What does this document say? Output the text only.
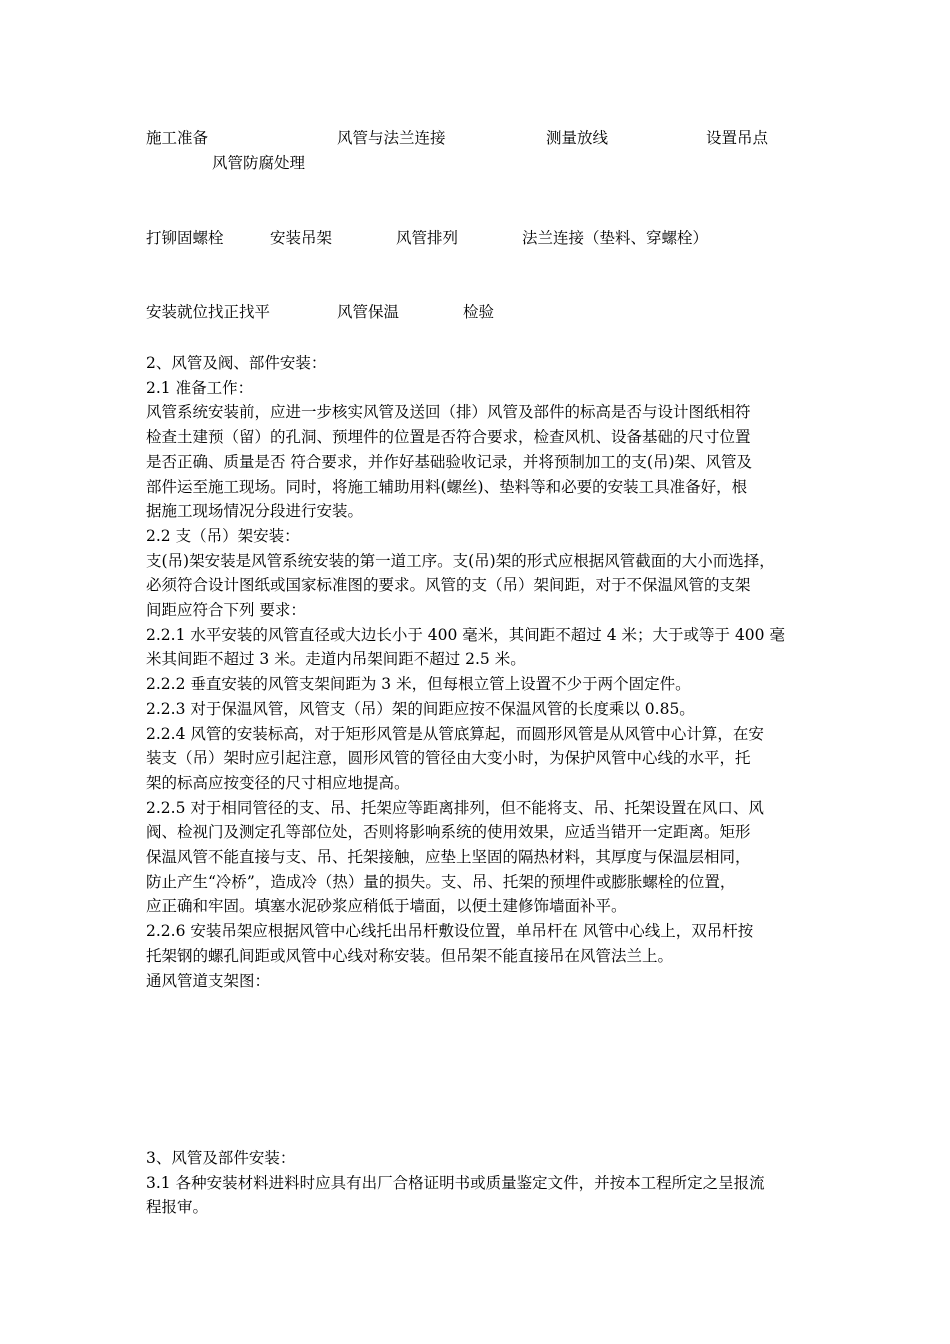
施工准备	风管与法兰连接	测量放线	设置吊点
风管防腐处理
打铆固螺栓	安装吊架	风管排列	法兰连接（垫料、穿螺栓）
安装就位找正找平	风管保温	检验
2、风管及阀、部件安装：
2.1 准备工作：
风管系统安装前，应进一步核实风管及送回（排）风管及部件的标高是否与设计图纸相符
检查土建预（留）的孔洞、预埋件的位置是否符合要求，检查风机、设备基础的尺寸位置
是否正确、质量是否 符合要求，并作好基础验收记录，并将预制加工的支(吊)架、风管及
部件运至施工现场。同时，将施工辅助用料(螺丝)、垫料等和必要的安装工具准备好，根
据施工现场情况分段进行安装。
2.2 支（吊）架安装：
支(吊)架安装是风管系统安装的第一道工序。支(吊)架的形式应根据风管截面的大小而选择，
必须符合设计图纸或国家标准图的要求。风管的支（吊）架间距，对于不保温风管的支架
间距应符合下列 要求：
2.2.1 水平安装的风管直径或大边长小于 400 毫米，其间距不超过 4 米；大于或等于 400 毫
米其间距不超过 3 米。走道内吊架间距不超过 2.5 米。
2.2.2 垂直安装的风管支架间距为 3 米，但每根立管上设置不少于两个固定件。
2.2.3 对于保温风管，风管支（吊）架的间距应按不保温风管的长度乘以 0.85。
2.2.4 风管的安装标高，对于矩形风管是从管底算起，而圆形风管是从风管中心计算，在安
装支（吊）架时应引起注意，圆形风管的管径由大变小时，为保护风管中心线的水平，托
架的标高应按变径的尺寸相应地提高。
2.2.5 对于相同管径的支、吊、托架应等距离排列，但不能将支、吊、托架设置在风口、风
阀、检视门及测定孔等部位处，否则将影响系统的使用效果，应适当错开一定距离。矩形
保温风管不能直接与支、吊、托架接触，应垫上坚固的隔热材料，其厚度与保温层相同，
防止产生“冷桥”，造成冷（热）量的损失。支、吊、托架的预埋件或膨胀螺栓的位置，
应正确和牢固。填塞水泥砂浆应稍低于墙面，以便土建修饰墙面补平。
2.2.6 安装吊架应根据风管中心线托出吊杆敷设位置，单吊杆在 风管中心线上，双吊杆按
托架钢的螺孔间距或风管中心线对称安装。但吊架不能直接吊在风管法兰上。
通风管道支架图：
3、风管及部件安装：
3.1 各种安装材料进料时应具有出厂合格证明书或质量鉴定文件，并按本工程所定之呈报流
程报审。
